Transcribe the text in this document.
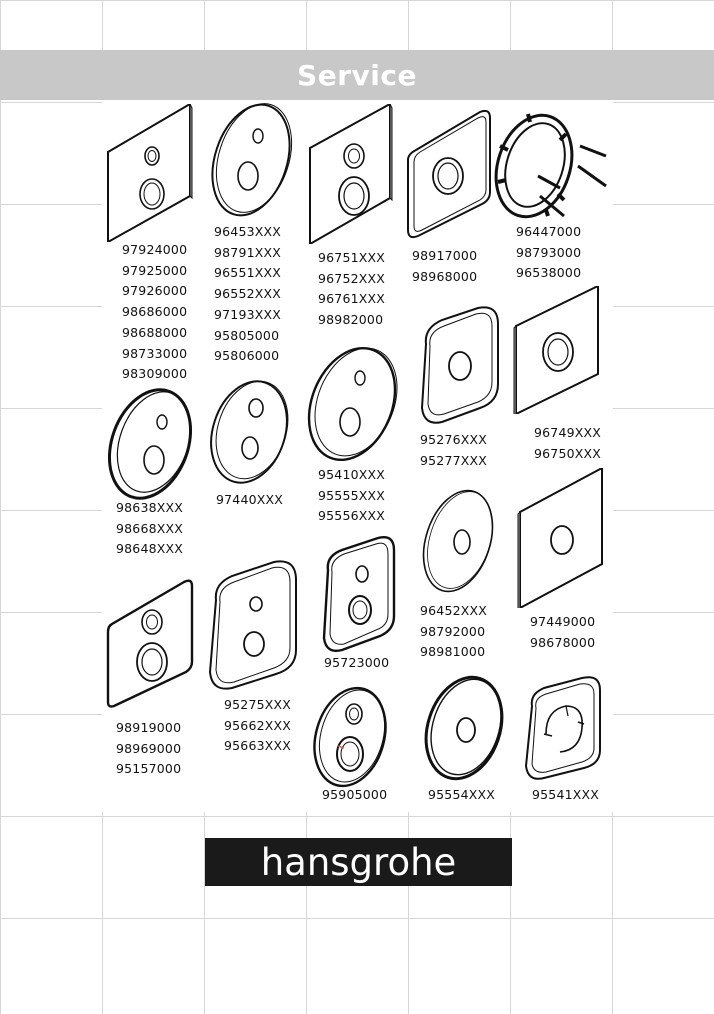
Service
97924000
97925000
97926000
98686000
98688000
98733000
98309000
96453XXX
98791XXX
96551XXX
96552XXX
97193XXX
95805000
95806000
96751XXX
96752XXX
96761XXX
98982000
98917000
98968000
96447000
98793000
96538000
95276XXX
95277XXX
96749XXX
96750XXX
98638XXX
98668XXX
98648XXX
97440XXX
95410XXX
95555XXX
95556XXX
96452XXX
98792000
98981000
97449000
98678000
98919000
98969000
95157000
95275XXX
95662XXX
95663XXX
95723000
95905000	95554XXX	95541XXX
hansgrohe
